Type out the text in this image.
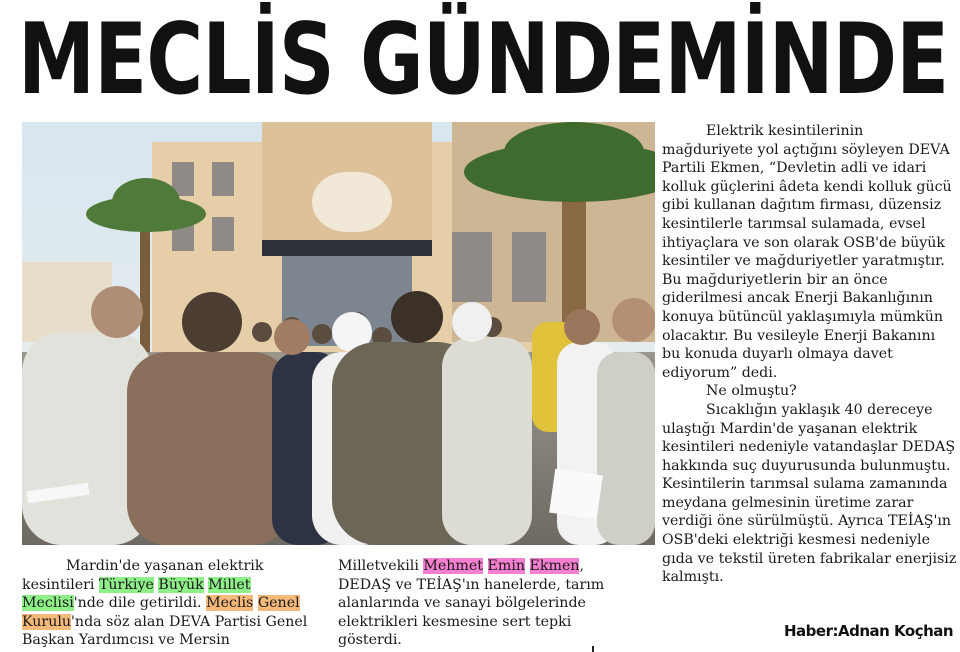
MECLİS GÜNDEMİNDE

Mardin'de yaşanan elektrik kesintileri Türkiye Büyük Millet Meclisi'nde dile getirildi. Meclis Genel Kurulu'nda söz alan DEVA Partisi Genel Başkan Yardımcısı ve Mersin

Milletvekili Mehmet Emin Ekmen, DEDAŞ ve TEİAŞ'ın hanelerde, tarım alanlarında ve sanayi bölgelerinde elektrikleri kesmesine sert tepki gösterdi.

Elektrik kesintilerinin mağduriyete yol açtığını söyleyen DEVA Partili Ekmen, “Devletin adli ve idari kolluk güçlerini âdeta kendi kolluk gücü gibi kullanan dağıtım firması, düzensiz kesintilerle tarımsal sulamada, evsel ihtiyaçlara ve son olarak OSB'de büyük kesintiler ve mağduriyetler yaratmıştır. Bu mağduriyetlerin bir an önce giderilmesi ancak Enerji Bakanlığının konuya bütüncül yaklaşımıyla mümkün olacaktır. Bu vesileyle Enerji Bakanını bu konuda duyarlı olmaya davet ediyorum” dedi.

Ne olmuştu?

Sıcaklığın yaklaşık 40 dereceye ulaştığı Mardin'de yaşanan elektrik kesintileri nedeniyle vatandaşlar DEDAŞ hakkında suç duyurusunda bulunmuştu. Kesintilerin tarımsal sulama zamanında meydana gelmesinin üretime zarar verdiği öne sürülmüştü. Ayrıca TEİAŞ'ın OSB'deki elektriği kesmesi nedeniyle gıda ve tekstil üreten fabrikalar enerjisiz kalmıştı.

Haber:Adnan Koçhan
